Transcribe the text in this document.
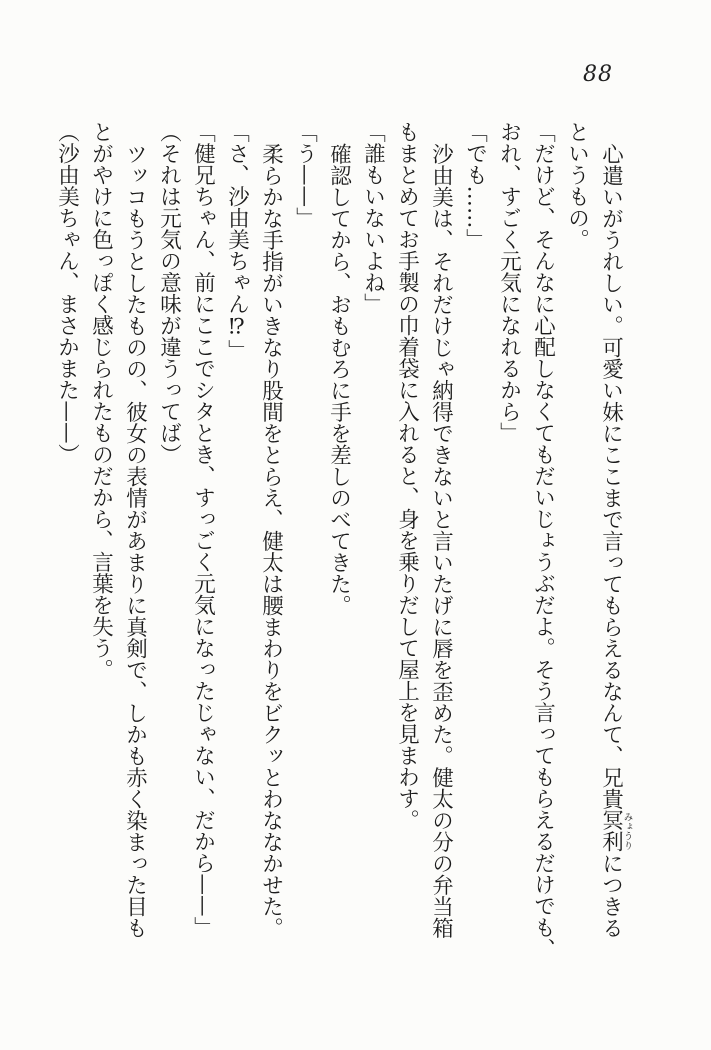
88

心遣いがうれしい。可愛い妹にここまで言ってもらえるなんて、兄貴冥利みょうりにつきる

というもの。

「だけど、そんなに心配しなくてもだいじょうぶだよ。そう言ってもらえるだけでも、

おれ、すごく元気になれるから」

「でも……」

沙由美は、それだけじゃ納得できないと言いたげに唇を歪めた。健太の分の弁当箱

もまとめてお手製の巾着袋に入れると、身を乗りだして屋上を見まわす。

「誰もいないよね」

確認してから、おもむろに手を差しのべてきた。

「う——」

柔らかな手指がいきなり股間をとらえ、健太は腰まわりをビクッとわななかせた。

「さ、沙由美ちゃん⁉」

「健兄ちゃん、前にここでシタとき、すっごく元気になったじゃない、だから——」

（それは元気の意味が違うってば）

ツッコもうとしたものの、彼女の表情があまりに真剣で、しかも赤く染まった目も

とがやけに色っぽく感じられたものだから、言葉を失う。

（沙由美ちゃん、まさかまた——）
